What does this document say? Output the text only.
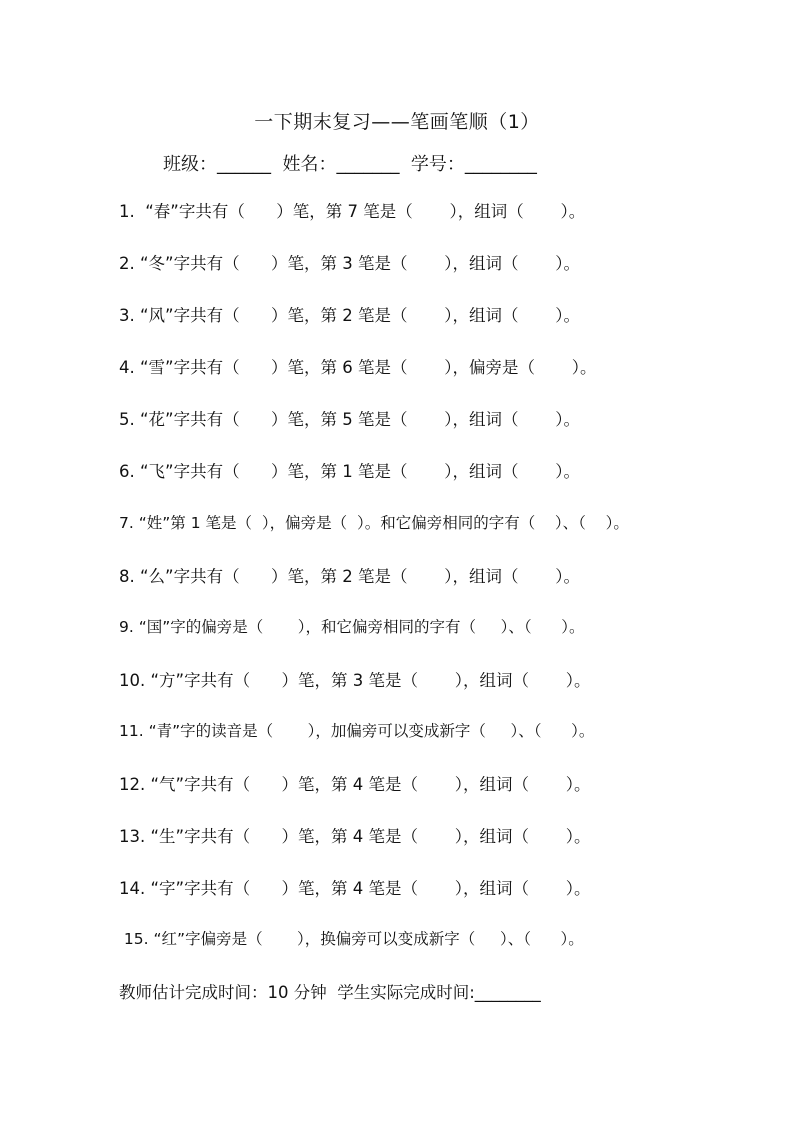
一下期末复习——笔画笔顺（1）
班级：______  姓名：_______  学号：________
1.  “春”字共有（      ）笔，第 7 笔是（       ），组词（       ）。
2. “冬”字共有（      ）笔，第 3 笔是（       ），组词（       ）。
3. “风”字共有（      ）笔，第 2 笔是（       ），组词（       ）。
4. “雪”字共有（      ）笔，第 6 笔是（       ），偏旁是（       ）。
5. “花”字共有（      ）笔，第 5 笔是（       ），组词（       ）。
6. “飞”字共有（      ）笔，第 1 笔是（       ），组词（       ）。
7. “姓”第 1 笔是（  ），偏旁是（  ）。和它偏旁相同的字有（    ）、（    ）。
8. “么”字共有（      ）笔，第 2 笔是（       ），组词（       ）。
9. “国”字的偏旁是（       ），和它偏旁相同的字有（     ）、（      ）。
10. “方”字共有（      ）笔，第 3 笔是（       ），组词（       ）。
11. “青”字的读音是（       ），加偏旁可以变成新字（     ）、（      ）。
12. “气”字共有（      ）笔，第 4 笔是（       ），组词（       ）。
13. “生”字共有（      ）笔，第 4 笔是（       ），组词（       ）。
14. “字”字共有（      ）笔，第 4 笔是（       ），组词（       ）。
15. “红”字偏旁是（       ），换偏旁可以变成新字（     ）、（      ）。
教师估计完成时间：10 分钟  学生实际完成时间:________
